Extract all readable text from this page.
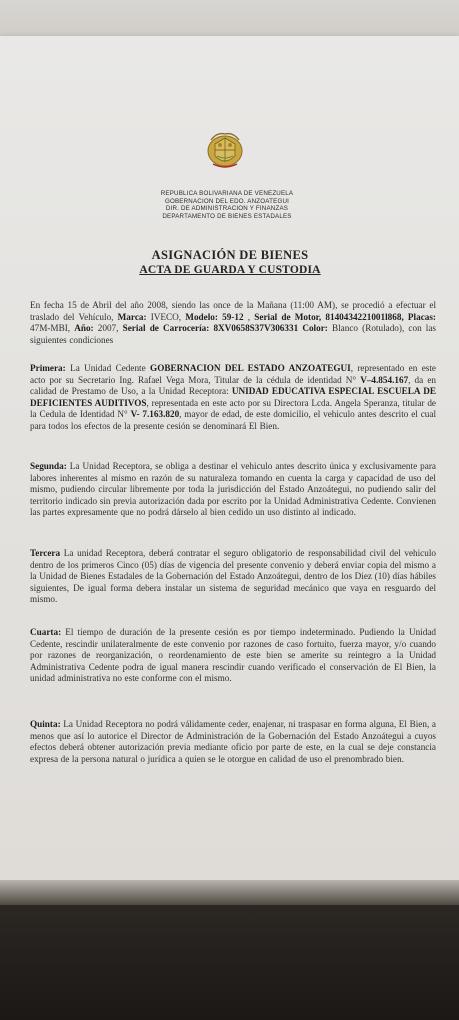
REPUBLICA BOLIVARIANA DE VENEZUELA
GOBERNACION DEL EDO. ANZOATEGUI
DIR. DE ADMINISTRACION Y FINANZAS
DEPARTAMENTO DE BIENES ESTADALES
ASIGNACIÓN DE BIENES
ACTA DE GUARDA Y CUSTODIA
En fecha 15 de Abril del año 2008, siendo las once de la Mañana (11:00 AM), se procedió a efectuar el traslado del Vehículo, Marca: IVECO, Modelo: 59-12 , Serial de Motor, 8140434221001l868, Placas: 47M-MBI, Año: 2007, Serial de Carrocería: 8XV0658S37V306331 Color: Blanco (Rotulado), con las siguientes condiciones
Primera: La Unidad Cedente GOBERNACION DEL ESTADO ANZOATEGUI, representado en este acto por su Secretario Ing. Rafael Vega Mora, Titular de la cédula de identidad N° V–4.854.167, da en calidad de Prestamo de Uso, a la Unidad Receptora: UNIDAD EDUCATIVA ESPECIAL ESCUELA DE DEFICIENTES AUDITIVOS, representada en este acto por su Directora Lcda. Angela Speranza, titular de la Cedula de Identidad N° V- 7.163.820, mayor de edad, de este domicilio, el vehiculo antes descrito el cual para todos los efectos de la presente cesión se denominará El Bien.
Segunda: La Unidad Receptora, se obliga a destinar el vehiculo antes descrito única y exclusivamente para labores inherentes al mismo en razón de su naturaleza tomando en cuenta la carga y capacidad de uso del mismo, pudiendo circular libremente por toda la jurisdicción del Estado Anzoátegui, no pudiendo salir del territorio indicado sin previa autorización dada por escrito por la Unidad Administrativa Cedente. Convienen las partes expresamente que no podrá dárselo al bien cedido un uso distinto al indicado.
Tercera La unidad Receptora, deberá contratar el seguro obligatorio de responsabilidad civil del vehiculo dentro de los primeros Cinco (05) días de vigencia del presente convenio y deberá enviar copia del mismo a la Unidad de Bienes Estadales de la Gobernación del Estado Anzoátegui, dentro de los Diez (10) días hábiles siguientes, De igual forma debera instalar un sistema de seguridad mecánico que vaya en resguardo del mismo.
Cuarta: El tiempo de duración de la presente cesión es por tiempo indeterminado. Pudiendo la Unidad Cedente, rescindir unilateralmente de este convenio por razones de caso fortuito, fuerza mayor, y/o cuando por razones de reorganización, o reordenamiento de este bien se amerite su reintegro a la Unidad Administrativa Cedente podra de igual manera rescindir cuando verificado el conservación de El Bien, la unidad administrativa no este conforme con el mismo.
Quinta: La Unidad Receptora no podrá válidamente ceder, enajenar, ni traspasar en forma alguna, El Bien, a menos que así lo autorice el Director de Administración de la Gobernación del Estado Anzoátegui a cuyos efectos deberá obtener autorización previa mediante oficio por parte de este, en la cual se deje constancia expresa de la persona natural o jurídica a quien se le otorgue en calidad de uso el prenombrado bien.
